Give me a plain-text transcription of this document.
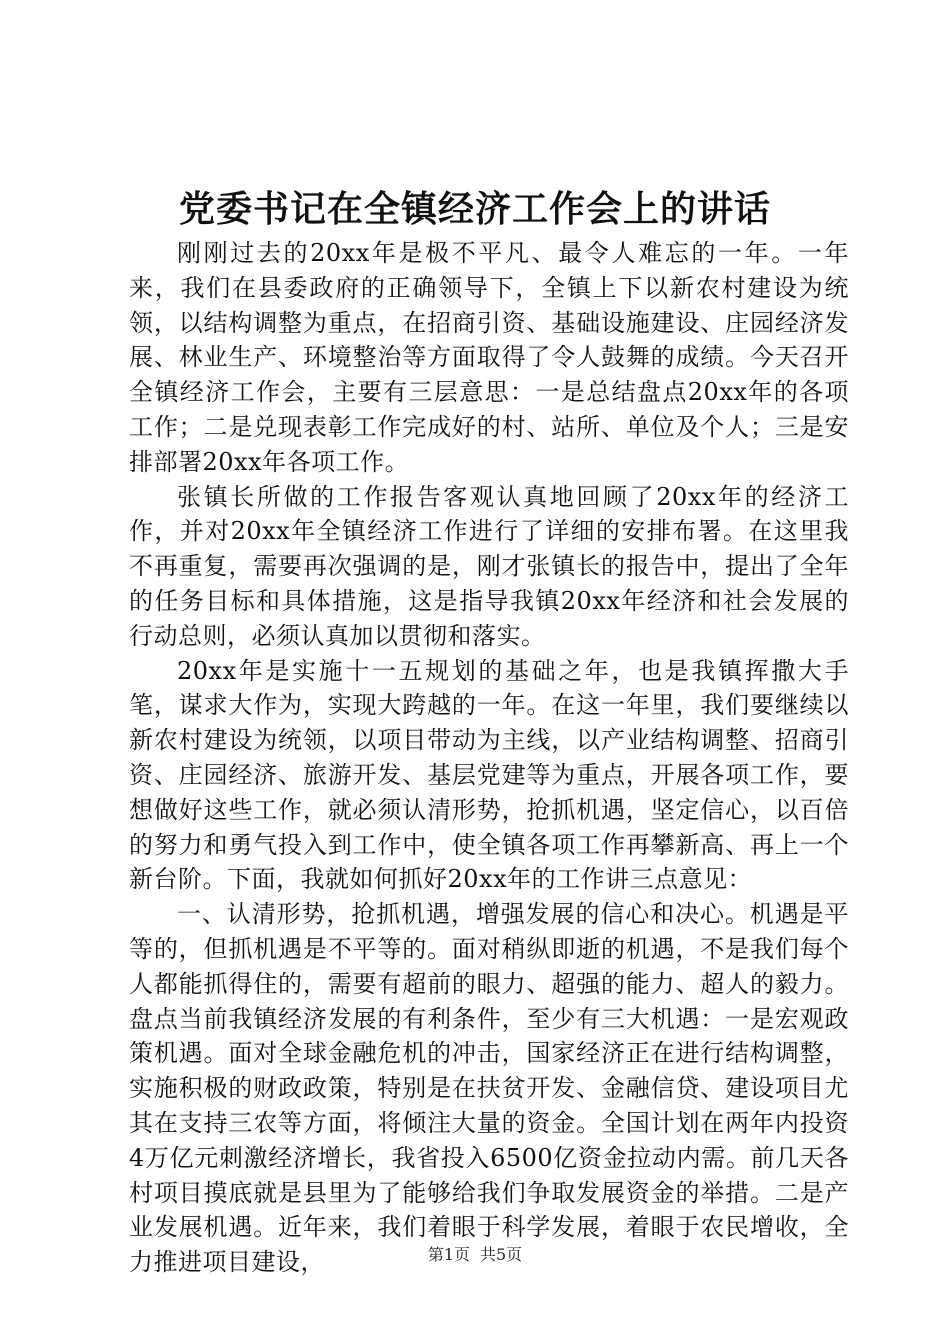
党委书记在全镇经济工作会上的讲话

刚刚过去的20xx年是极不平凡、最令人难忘的一年。一年来，我们在县委政府的正确领导下，全镇上下以新农村建设为统领，以结构调整为重点，在招商引资、基础设施建设、庄园经济发展、林业生产、环境整治等方面取得了令人鼓舞的成绩。今天召开全镇经济工作会，主要有三层意思：一是总结盘点20xx年的各项工作；二是兑现表彰工作完成好的村、站所、单位及个人；三是安排部署20xx年各项工作。

张镇长所做的工作报告客观认真地回顾了20xx年的经济工作，并对20xx年全镇经济工作进行了详细的安排布署。在这里我不再重复，需要再次强调的是，刚才张镇长的报告中，提出了全年的任务目标和具体措施，这是指导我镇20xx年经济和社会发展的行动总则，必须认真加以贯彻和落实。

20xx年是实施十一五规划的基础之年，也是我镇挥撒大手笔，谋求大作为，实现大跨越的一年。在这一年里，我们要继续以新农村建设为统领，以项目带动为主线，以产业结构调整、招商引资、庄园经济、旅游开发、基层党建等为重点，开展各项工作，要想做好这些工作，就必须认清形势，抢抓机遇，坚定信心，以百倍的努力和勇气投入到工作中，使全镇各项工作再攀新高、再上一个新台阶。下面，我就如何抓好20xx年的工作讲三点意见：

一、认清形势，抢抓机遇，增强发展的信心和决心。机遇是平等的，但抓机遇是不平等的。面对稍纵即逝的机遇，不是我们每个人都能抓得住的，需要有超前的眼力、超强的能力、超人的毅力。盘点当前我镇经济发展的有利条件，至少有三大机遇：一是宏观政策机遇。面对全球金融危机的冲击，国家经济正在进行结构调整，实施积极的财政政策，特别是在扶贫开发、金融信贷、建设项目尤其在支持三农等方面，将倾注大量的资金。全国计划在两年内投资4万亿元刺激经济增长，我省投入6500亿资金拉动内需。前几天各村项目摸底就是县里为了能够给我们争取发展资金的举措。二是产业发展机遇。近年来，我们着眼于科学发展，着眼于农民增收，全力推进项目建设，	第1页 共5页
